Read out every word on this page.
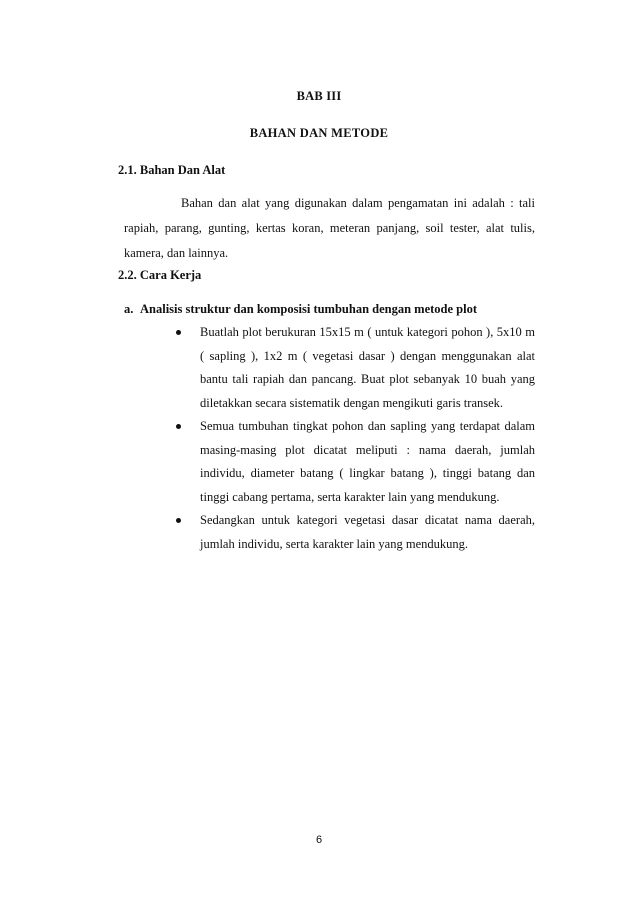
BAB III
BAHAN DAN METODE
2.1. Bahan Dan Alat
Bahan dan alat yang digunakan dalam pengamatan ini adalah : tali rapiah, parang, gunting, kertas koran, meteran panjang, soil tester, alat tulis, kamera, dan lainnya.
2.2. Cara Kerja
a. Analisis struktur dan komposisi tumbuhan dengan metode plot
Buatlah plot berukuran 15x15 m ( untuk kategori pohon ), 5x10 m ( sapling ), 1x2 m ( vegetasi dasar ) dengan menggunakan alat bantu tali rapiah dan pancang. Buat plot sebanyak 10 buah yang diletakkan secara sistematik dengan mengikuti garis transek.
Semua tumbuhan tingkat pohon dan sapling yang terdapat dalam masing-masing plot dicatat meliputi : nama daerah, jumlah individu, diameter batang ( lingkar batang ), tinggi batang dan tinggi cabang pertama, serta karakter lain yang mendukung.
Sedangkan untuk kategori vegetasi dasar dicatat nama daerah, jumlah individu, serta karakter lain yang mendukung.
6
